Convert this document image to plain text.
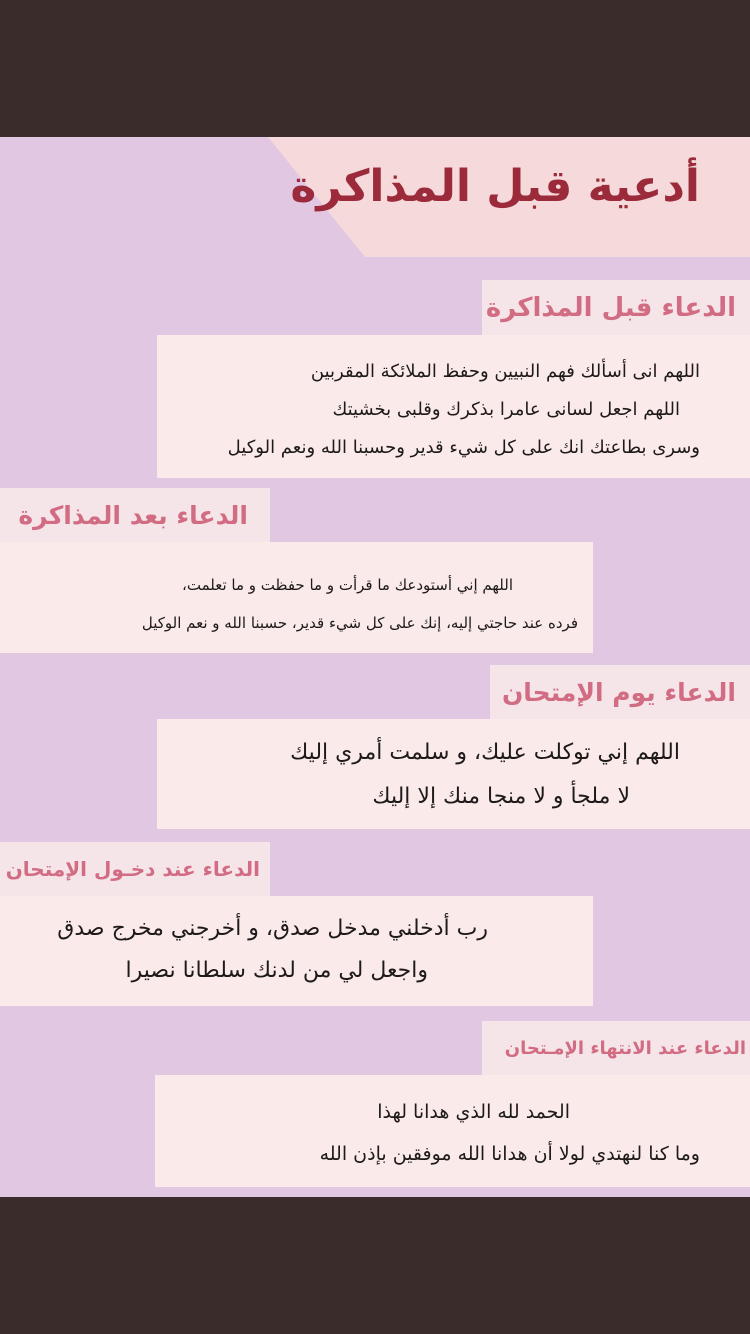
أدعية قبل المذاكرة
الدعاء قبل المذاكرة
اللهم انى أسألك فهم النبيين وحفظ الملائكة المقربين
اللهم اجعل لسانى عامرا بذكرك وقلبى بخشيتك
وسرى بطاعتك انك على كل شيء قدير وحسبنا الله ونعم الوكيل
الدعاء بعد المذاكرة
اللهم إني أستودعك ما قرأت و ما حفظت و ما تعلمت،
فرده عند حاجتي إليه، إنك على كل شيء قدير، حسبنا الله و نعم الوكيل
الدعاء يوم الإمتحان
اللهم إني توكلت عليك، و سلمت أمري إليك
لا ملجأ و لا منجا منك إلا إليك
الدعاء عند دخـول الإمتحان
رب أدخلني مدخل صدق، و أخرجني مخرج صدق
واجعل لي من لدنك سلطانا نصيرا
الدعاء عند الانتهاء الإمـتحان
الحمد لله الذي هدانا لهذا
وما كنا لنهتدي لولا أن هدانا الله موفقين بإذن الله
